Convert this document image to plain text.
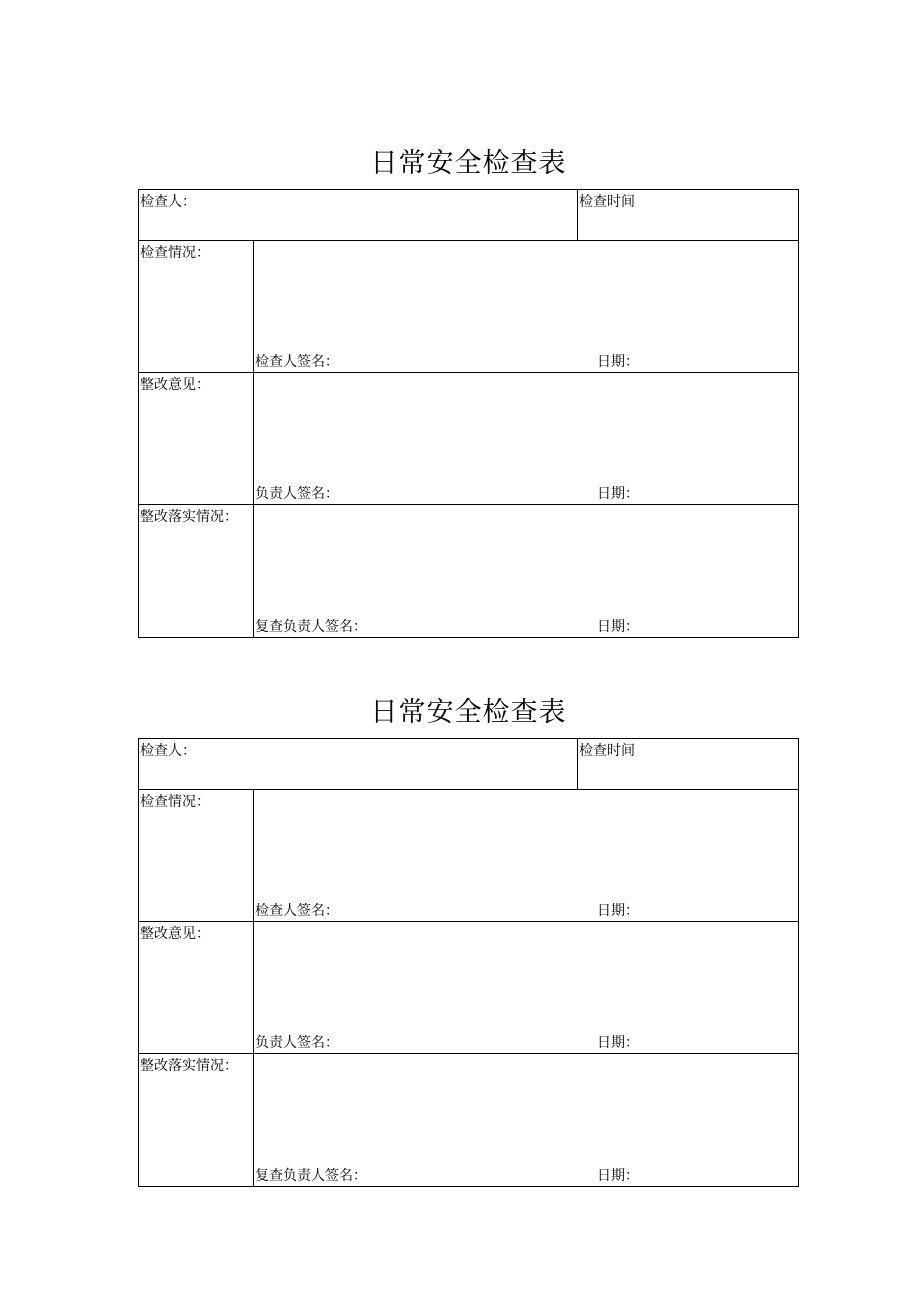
日常安全检查表
检查人：	检查时间
检查情况：
检查人签名：	日期：
整改意见：
负责人签名：	日期：
整改落实情况：
复查负责人签名：	日期：
日常安全检查表
检查人：	检查时间
检查情况：
检查人签名：	日期：
整改意见：
负责人签名：	日期：
整改落实情况：
复查负责人签名：	日期：
